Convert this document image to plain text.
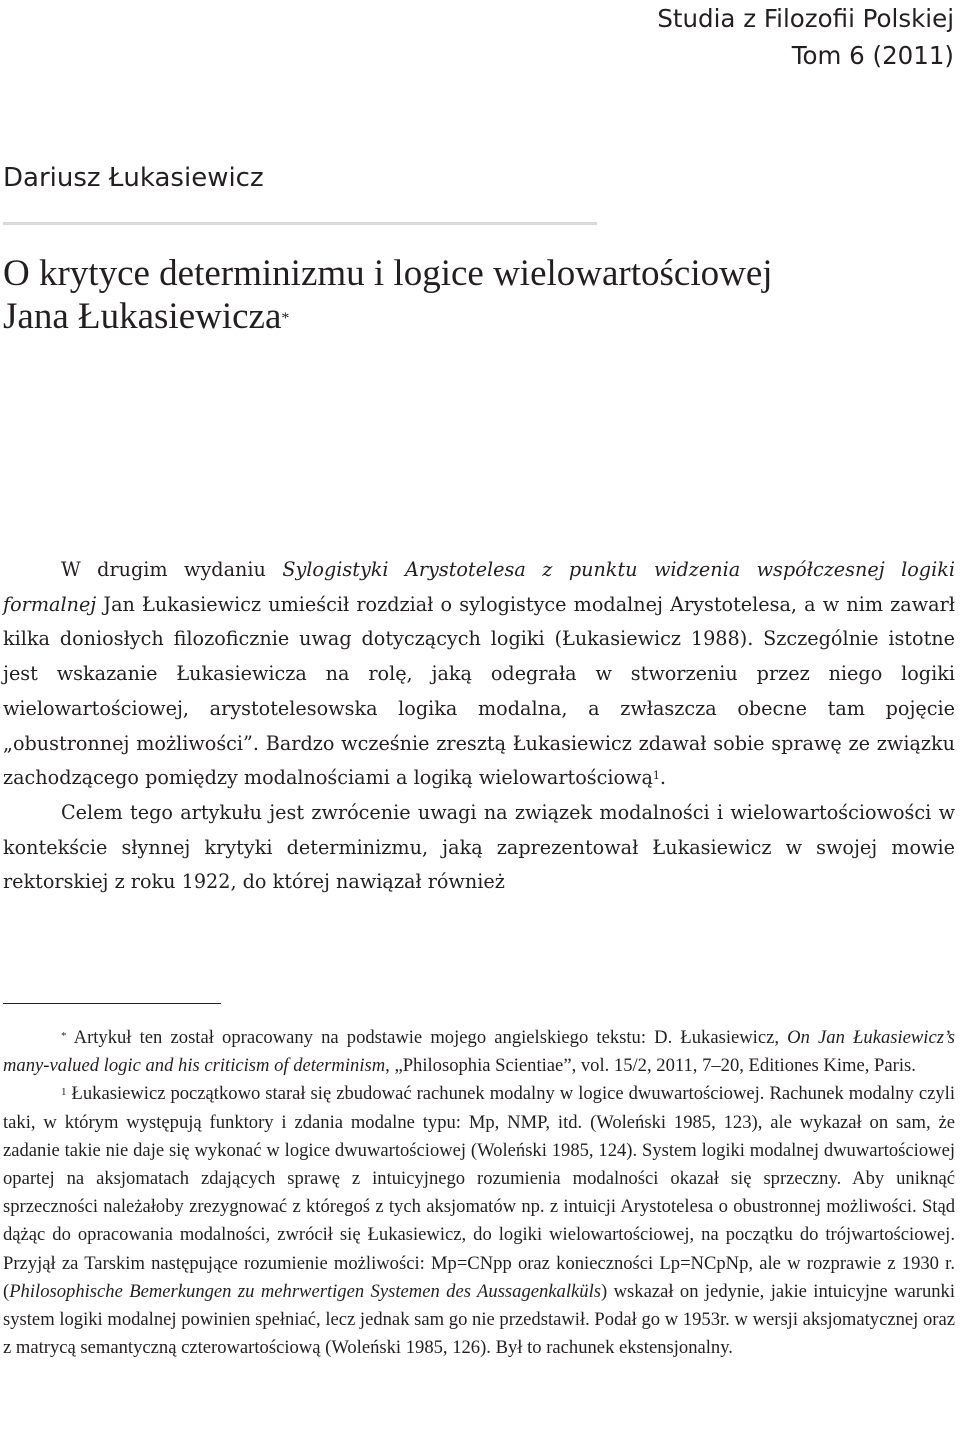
Studia z Filozofii Polskiej
Tom 6 (2011)
Dariusz Łukasiewicz
O krytyce determinizmu i logice wielowartościowej
Jana Łukasiewicza*

W drugim wydaniu Sylogistyki Arystotelesa z punktu widzenia współczesnej logiki formalnej Jan Łukasiewicz umieścił rozdział o sylogistyce modalnej Arystotelesa, a w nim zawarł kilka doniosłych filozoficznie uwag dotyczących logiki (Łukasiewicz 1988). Szczególnie istotne jest wskazanie Łukasiewicza na rolę, jaką odegrała w stworzeniu przez niego logiki wielowartościowej, arystotelesowska logika modalna, a zwłaszcza obecne tam pojęcie „obustronnej możliwości”. Bardzo wcześnie zresztą Łukasiewicz zdawał sobie sprawę ze związku zachodzącego pomiędzy modalnościami a logiką wielowartościową$^1$.

Celem tego artykułu jest zwrócenie uwagi na związek modalności i wielowartościowości w kontekście słynnej krytyki determinizmu, jaką zaprezentował Łukasiewicz w swojej mowie rektorskiej z roku 1922, do której nawiązał również

* Artykuł ten został opracowany na podstawie mojego angielskiego tekstu: D. Łukasiewicz, On Jan Łukasiewicz’s many-valued logic and his criticism of determinism, „Philosophia Scientiae”, vol. 15/2, 2011, 7–20, Editiones Kime, Paris.

$^1$ Łukasiewicz początkowo starał się zbudować rachunek modalny w logice dwuwartościowej. Rachunek modalny czyli taki, w którym występują funktory i zdania modalne typu: Mp, NMP, itd. (Woleński 1985, 123), ale wykazał on sam, że zadanie takie nie daje się wykonać w logice dwuwartościowej (Woleński 1985, 124). System logiki modalnej dwuwartościowej opartej na aksjomatach zdających sprawę z intuicyjnego rozumienia modalności okazał się sprzeczny. Aby uniknąć sprzeczności należałoby zrezygnować z któregoś z tych aksjomatów np. z intuicji Arystotelesa o obustronnej możliwości. Stąd dążąc do opracowania modalności, zwrócił się Łukasiewicz, do logiki wielowartościowej, na początku do trójwartościowej. Przyjął za Tarskim następujące rozumienie możliwości: Mp=CNpp oraz konieczności Lp=NCpNp, ale w rozprawie z 1930 r. (Philosophische Bemerkungen zu mehrwertigen Systemen des Aussagenkalküls) wskazał on jedynie, jakie intuicyjne warunki system logiki modalnej powinien spełniać, lecz jednak sam go nie przedstawił. Podał go w 1953r. w wersji aksjomatycznej oraz z matrycą semantyczną czterowartościową (Woleński 1985, 126). Był to rachunek ekstensjonalny.
